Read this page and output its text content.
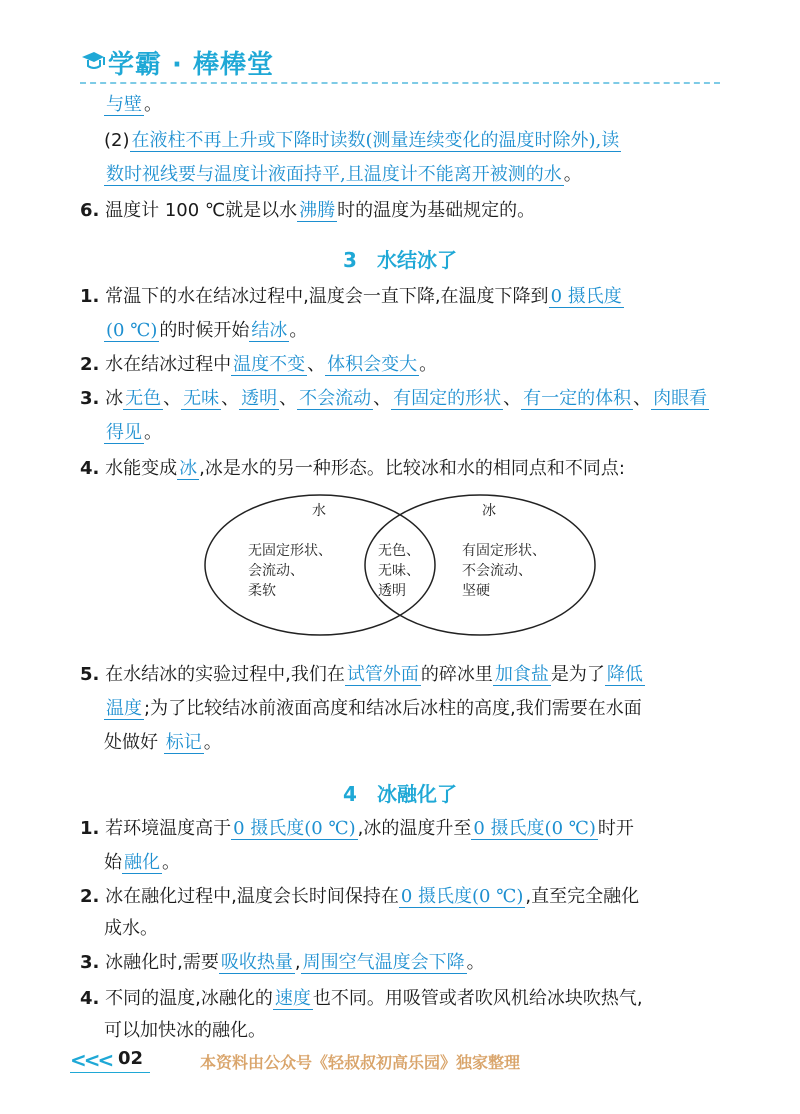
学霸 · 棒棒堂
与壁 。
(2) 在液柱不再上升或下降时读数(测量连续变化的温度时除外),读
数时视线要与温度计液面持平,且温度计不能离开被测的水 。
6. 温度计 100 ℃就是以水 沸腾 时的温度为基础规定的。
3　水结冰了
1. 常温下的水在结冰过程中,温度会一直下降,在温度下降到 0 摄氏度
(0 ℃) 的时候开始 结冰 。
2. 水在结冰过程中 温度不变 、 体积会变大 。
3. 冰 无色 、 无味 、 透明 、 不会流动 、 有固定的形状 、 有一定的体积 、 肉眼看
得见 。
4. 水能变成 冰 ,冰是水的另一种形态。比较冰和水的相同点和不同点:
水	冰
无固定形状、
会流动、
柔软
无色、
无味、
透明
有固定形状、
不会流动、
坚硬
5. 在水结冰的实验过程中,我们在 试管外面 的碎冰里 加食盐 是为了 降低
温度 ;为了比较结冰前液面高度和结冰后冰柱的高度,我们需要在水面
处做好 标记 。
4　冰融化了
1. 若环境温度高于 0 摄氏度(0 ℃) ,冰的温度升至 0 摄氏度(0 ℃) 时开
始 融化 。
2. 冰在融化过程中,温度会长时间保持在 0 摄氏度(0 ℃) ,直至完全融化
成水。
3. 冰融化时,需要 吸收热量 , 周围空气温度会下降 。
4. 不同的温度,冰融化的 速度 也不同。用吸管或者吹风机给冰块吹热气,
可以加快冰的融化。
<<< 02	本资料由公众号《轻叔叔初高乐园》独家整理
